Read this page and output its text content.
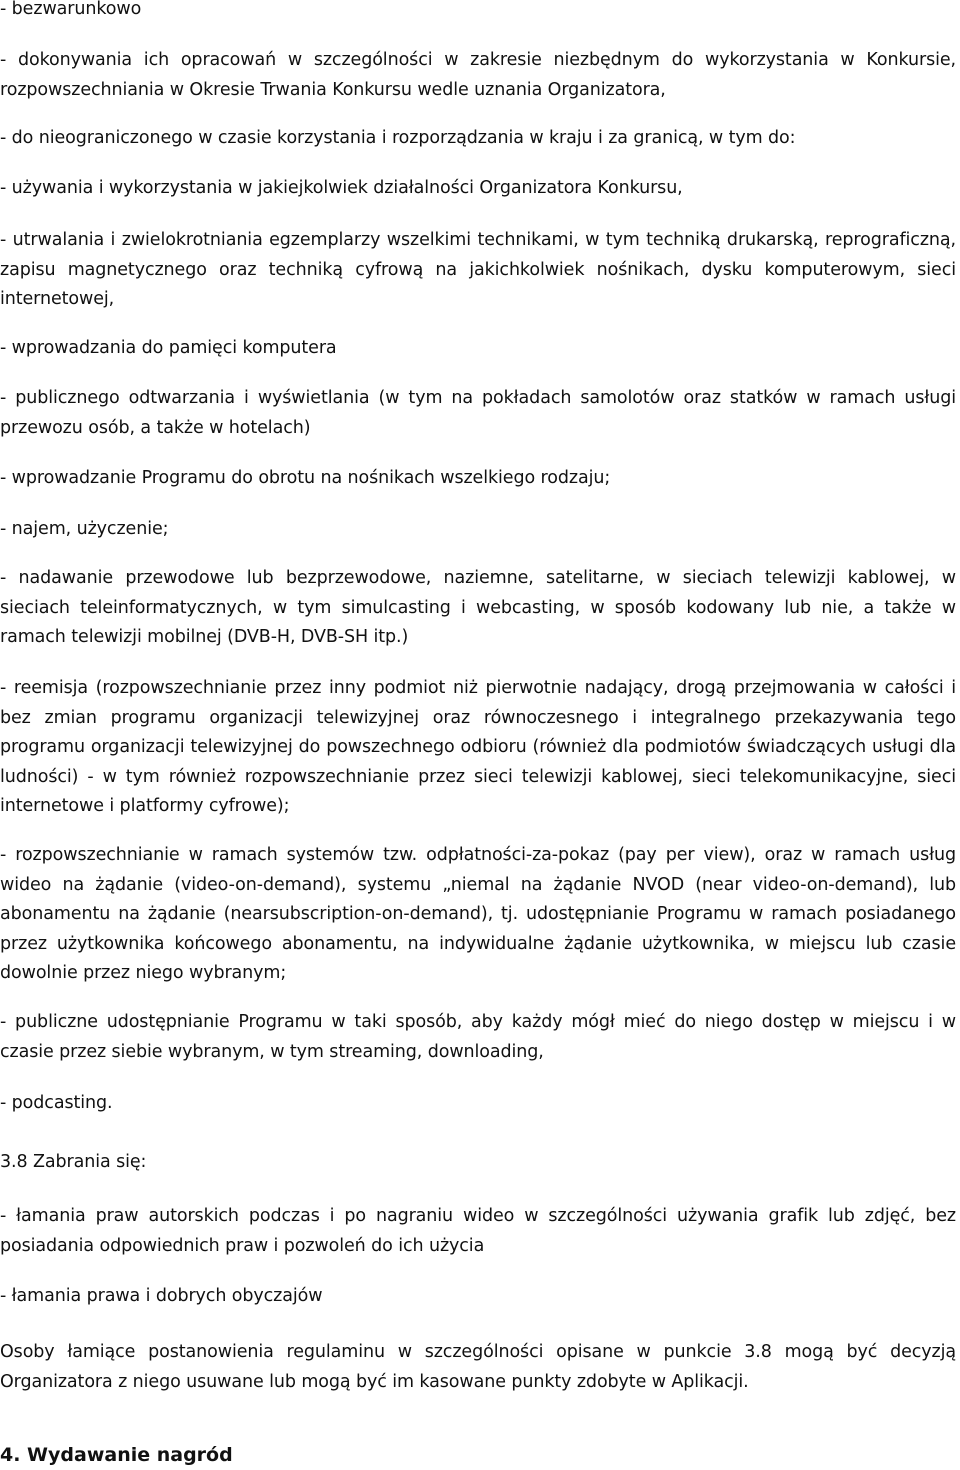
- bezwarunkowo

- dokonywania ich opracowań w szczególności w zakresie niezbędnym do wykorzystania w Konkursie, rozpowszechniania w Okresie Trwania Konkursu wedle uznania Organizatora,

- do nieograniczonego w czasie korzystania i rozporządzania w kraju i za granicą, w tym do:

- używania i wykorzystania w jakiejkolwiek działalności Organizatora Konkursu,

- utrwalania i zwielokrotniania egzemplarzy wszelkimi technikami, w tym techniką drukarską, reprograficzną, zapisu magnetycznego oraz techniką cyfrową na jakichkolwiek nośnikach, dysku komputerowym, sieci internetowej,

- wprowadzania do pamięci komputera

- publicznego odtwarzania i wyświetlania (w tym na pokładach samolotów oraz statków w ramach usługi przewozu osób, a także w hotelach)

- wprowadzanie Programu do obrotu na nośnikach wszelkiego rodzaju;

- najem, użyczenie;

- nadawanie przewodowe lub bezprzewodowe, naziemne, satelitarne, w sieciach telewizji kablowej, w sieciach teleinformatycznych, w tym simulcasting i webcasting, w sposób kodowany lub nie, a także w ramach telewizji mobilnej (DVB-H, DVB-SH itp.)

- reemisja (rozpowszechnianie przez inny podmiot niż pierwotnie nadający, drogą przejmowania w całości i bez zmian programu organizacji telewizyjnej oraz równoczesnego i integralnego przekazywania tego programu organizacji telewizyjnej do powszechnego odbioru (również dla podmiotów świadczących usługi dla ludności) - w tym również rozpowszechnianie przez sieci telewizji kablowej, sieci telekomunikacyjne, sieci internetowe i platformy cyfrowe);

- rozpowszechnianie w ramach systemów tzw. odpłatności-za-pokaz (pay per view), oraz w ramach usług wideo na żądanie (video-on-demand), systemu „niemal na żądanie NVOD (near video-on-demand), lub abonamentu na żądanie (nearsubscription-on-demand), tj. udostępnianie Programu w ramach posiadanego przez użytkownika końcowego abonamentu, na indywidualne żądanie użytkownika, w miejscu lub czasie dowolnie przez niego wybranym;

- publiczne udostępnianie Programu w taki sposób, aby każdy mógł mieć do niego dostęp w miejscu i w czasie przez siebie wybranym, w tym streaming, downloading,

- podcasting.

3.8 Zabrania się:

- łamania praw autorskich podczas i po nagraniu wideo w szczególności używania grafik lub zdjęć, bez posiadania odpowiednich praw i pozwoleń do ich użycia

- łamania prawa i dobrych obyczajów

Osoby łamiące postanowienia regulaminu w szczególności opisane w punkcie 3.8 mogą być decyzją Organizatora z niego usuwane lub mogą być im kasowane punkty zdobyte w Aplikacji.

4. Wydawanie nagród
